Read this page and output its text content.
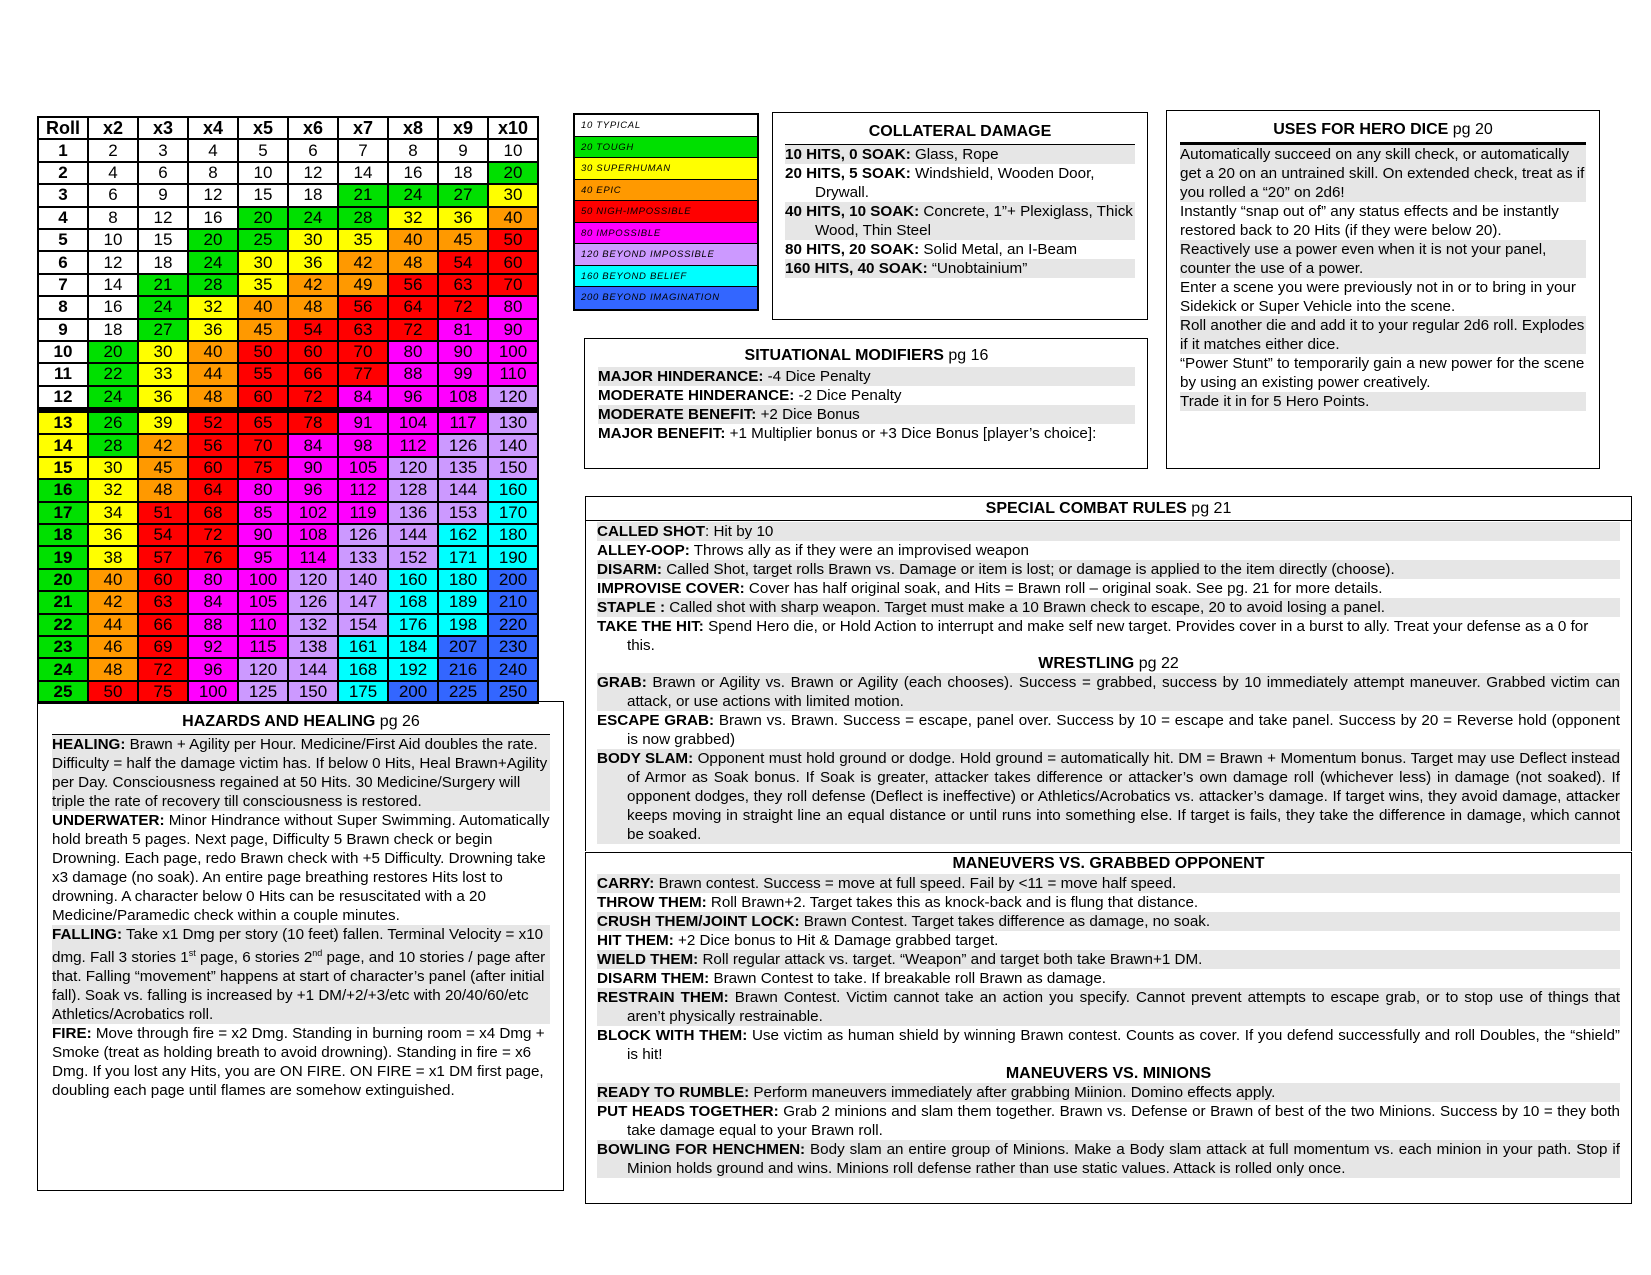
Roll	x2	x3	x4	x5	x6	x7	x8	x9	x10
1	2	3	4	5	6	7	8	9	10
2	4	6	8	10	12	14	16	18	20
3	6	9	12	15	18	21	24	27	30
4	8	12	16	20	24	28	32	36	40
5	10	15	20	25	30	35	40	45	50
6	12	18	24	30	36	42	48	54	60
7	14	21	28	35	42	49	56	63	70
8	16	24	32	40	48	56	64	72	80
9	18	27	36	45	54	63	72	81	90
10	20	30	40	50	60	70	80	90	100
11	22	33	44	55	66	77	88	99	110
12	24	36	48	60	72	84	96	108	120
13	26	39	52	65	78	91	104	117	130
14	28	42	56	70	84	98	112	126	140
15	30	45	60	75	90	105	120	135	150
16	32	48	64	80	96	112	128	144	160
17	34	51	68	85	102	119	136	153	170
18	36	54	72	90	108	126	144	162	180
19	38	57	76	95	114	133	152	171	190
20	40	60	80	100	120	140	160	180	200
21	42	63	84	105	126	147	168	189	210
22	44	66	88	110	132	154	176	198	220
23	46	69	92	115	138	161	184	207	230
24	48	72	96	120	144	168	192	216	240
25	50	75	100	125	150	175	200	225	250
10 TYPICAL
20 TOUGH
30 SUPERHUMAN
40 EPIC
50 NIGH-IMPOSSIBLE
80 IMPOSSIBLE
120 BEYOND IMPOSSIBLE
160 BEYOND BELIEF
200 BEYOND IMAGINATION
COLLATERAL DAMAGE
10 HITS, 0 SOAK: Glass, Rope
20 HITS, 5 SOAK: Windshield, Wooden Door, Drywall.
40 HITS, 10 SOAK: Concrete, 1”+ Plexiglass, Thick Wood, Thin Steel
80 HITS, 20 SOAK: Solid Metal, an I-Beam
160 HITS, 40 SOAK: “Unobtainium”
USES FOR HERO DICE pg 20
Automatically succeed on any skill check, or automatically get a 20 on an untrained skill. On extended check, treat as if you rolled a “20” on 2d6!
Instantly “snap out of” any status effects and be instantly restored back to 20 Hits (if they were below 20).
Reactively use a power even when it is not your panel, counter the use of a power.
Enter a scene you were previously not in or to bring in your Sidekick or Super Vehicle into the scene.
Roll another die and add it to your regular 2d6 roll. Explodes if it matches either dice.
“Power Stunt” to temporarily gain a new power for the scene by using an existing power creatively.
Trade it in for 5 Hero Points.
SITUATIONAL MODIFIERS pg 16
MAJOR HINDERANCE: -4 Dice Penalty
MODERATE HINDERANCE: -2 Dice Penalty
MODERATE BENEFIT: +2 Dice Bonus
MAJOR BENEFIT: +1 Multiplier bonus or +3 Dice Bonus [player’s choice]:
HAZARDS AND HEALING pg 26
HEALING: Brawn + Agility per Hour. Medicine/First Aid doubles the rate. Difficulty = half the damage victim has. If below 0 Hits, Heal Brawn+Agility per Day. Consciousness regained at 50 Hits. 30 Medicine/Surgery will triple the rate of recovery till consciousness is restored.
UNDERWATER: Minor Hindrance without Super Swimming. Automatically hold breath 5 pages. Next page, Difficulty 5 Brawn check or begin Drowning. Each page, redo Brawn check with +5 Difficulty. Drowning take x3 damage (no soak). An entire page breathing restores Hits lost to drowning. A character below 0 Hits can be resuscitated with a 20 Medicine/Paramedic check within a couple minutes.
FALLING: Take x1 Dmg per story (10 feet) fallen. Terminal Velocity = x10 dmg. Fall 3 stories 1st page, 6 stories 2nd page, and 10 stories / page after that. Falling “movement” happens at start of character’s panel (after initial fall). Soak vs. falling is increased by +1 DM/+2/+3/etc with 20/40/60/etc Athletics/Acrobatics roll.
FIRE: Move through fire = x2 Dmg. Standing in burning room = x4 Dmg + Smoke (treat as holding breath to avoid drowning). Standing in fire = x6 Dmg. If you lost any Hits, you are ON FIRE. ON FIRE = x1 DM first page, doubling each page until flames are somehow extinguished.
SPECIAL COMBAT RULES pg 21
CALLED SHOT: Hit by 10
ALLEY-OOP: Throws ally as if they were an improvised weapon
DISARM: Called Shot, target rolls Brawn vs. Damage or item is lost; or damage is applied to the item directly (choose).
IMPROVISE COVER: Cover has half original soak, and Hits = Brawn roll – original soak. See pg. 21 for more details.
STAPLE : Called shot with sharp weapon. Target must make a 10 Brawn check to escape, 20 to avoid losing a panel.
TAKE THE HIT: Spend Hero die, or Hold Action to interrupt and make self new target. Provides cover in a burst to ally. Treat your defense as a 0 for this.
WRESTLING pg 22
GRAB: Brawn or Agility vs. Brawn or Agility (each chooses). Success = grabbed, success by 10 immediately attempt maneuver. Grabbed victim can attack, or use actions with limited motion.
ESCAPE GRAB: Brawn vs. Brawn. Success = escape, panel over. Success by 10 = escape and take panel. Success by 20 = Reverse hold (opponent is now grabbed)
BODY SLAM: Opponent must hold ground or dodge. Hold ground = automatically hit. DM = Brawn + Momentum bonus. Target may use Deflect instead of Armor as Soak bonus. If Soak is greater, attacker takes difference or attacker’s own damage roll (whichever less) in damage (not soaked). If opponent dodges, they roll defense (Deflect is ineffective) or Athletics/Acrobatics vs. attacker’s damage. If target wins, they avoid damage, attacker keeps moving in straight line an equal distance or until runs into something else. If target is fails, they take the difference in damage, which cannot be soaked.
MANEUVERS VS. GRABBED OPPONENT
CARRY: Brawn contest. Success = move at full speed. Fail by <11 = move half speed.
THROW THEM: Roll Brawn+2. Target takes this as knock-back and is flung that distance.
CRUSH THEM/JOINT LOCK: Brawn Contest. Target takes difference as damage, no soak.
HIT THEM: +2 Dice bonus to Hit & Damage grabbed target.
WIELD THEM: Roll regular attack vs. target. “Weapon” and target both take Brawn+1 DM.
DISARM THEM: Brawn Contest to take. If breakable roll Brawn as damage.
RESTRAIN THEM: Brawn Contest. Victim cannot take an action you specify. Cannot prevent attempts to escape grab, or to stop use of things that aren’t physically restrainable.
BLOCK WITH THEM: Use victim as human shield by winning Brawn contest. Counts as cover. If you defend successfully and roll Doubles, the “shield” is hit!
MANEUVERS VS. MINIONS
READY TO RUMBLE: Perform maneuvers immediately after grabbing Miinion. Domino effects apply.
PUT HEADS TOGETHER: Grab 2 minions and slam them together. Brawn vs. Defense or Brawn of best of the two Minions. Success by 10 = they both take damage equal to your Brawn roll.
BOWLING FOR HENCHMEN: Body slam an entire group of Minions. Make a Body slam attack at full momentum vs. each minion in your path. Stop if Minion holds ground and wins. Minions roll defense rather than use static values. Attack is rolled only once.
